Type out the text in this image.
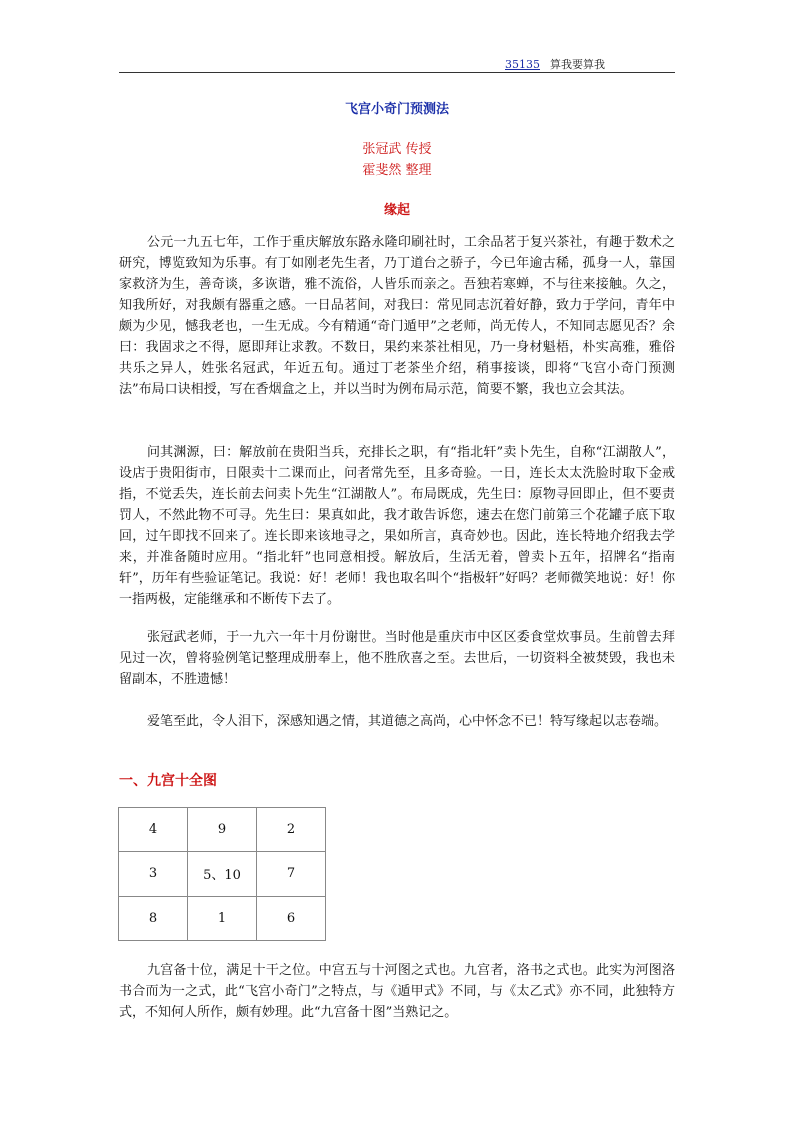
35135 算我要算我
飞宫小奇门预测法
张冠武 传授
霍斐然 整理
缘起

公元一九五七年，工作于重庆解放东路永隆印刷社时，工余品茗于复兴茶社，有趣于数术之研究，博览致知为乐事。有丁如刚老先生者，乃丁道台之骄子，今已年逾古稀，孤身一人，靠国家救济为生，善奇谈，多诙谐，雅不流俗，人皆乐而亲之。吾独若寒蝉，不与往来接触。久之，知我所好，对我颇有器重之感。一日品茗间，对我曰：常见同志沉着好静，致力于学问，青年中颇为少见，憾我老也，一生无成。今有精通“奇门遁甲”之老师，尚无传人，不知同志愿见否？余曰：我固求之不得，愿即拜让求教。不数日，果约来茶社相见，乃一身材魁梧，朴实高雅，雅俗共乐之异人，姓张名冠武，年近五旬。通过丁老茶坐介绍，稍事接谈，即将“飞宫小奇门预测法”布局口诀相授，写在香烟盒之上，并以当时为例布局示范，简要不繁，我也立会其法。

问其渊源，曰：解放前在贵阳当兵，充排长之职，有“指北轩”卖卜先生，自称“江湖散人”，设店于贵阳街市，日限卖十二课而止，问者常先至，且多奇验。一日，连长太太洗脸时取下金戒指，不觉丢失，连长前去问卖卜先生“江湖散人”。布局既成，先生曰：原物寻回即止，但不要责罚人，不然此物不可寻。先生曰：果真如此，我才敢告诉您，速去在您门前第三个花罐子底下取回，过午即找不回来了。连长即来该地寻之，果如所言，真奇妙也。因此，连长特地介绍我去学来，并准备随时应用。“指北轩”也同意相授。解放后，生活无着，曾卖卜五年，招牌名“指南轩”，历年有些验证笔记。我说：好！老师！我也取名叫个“指极轩”好吗？老师微笑地说：好！你一指两极，定能继承和不断传下去了。

张冠武老师，于一九六一年十月份谢世。当时他是重庆市中区区委食堂炊事员。生前曾去拜见过一次，曾将验例笔记整理成册奉上，他不胜欣喜之至。去世后，一切资料全被焚毁，我也未留副本，不胜遗憾！

爱笔至此，令人泪下，深感知遇之情，其道德之高尚，心中怀念不已！特写缘起以志卷端。

一、九宫十全图
4	9	2
3	5、10	7
8	1	6

九宫备十位，满足十干之位。中宫五与十河图之式也。九宫者，洛书之式也。此实为河图洛书合而为一之式，此“飞宫小奇门”之特点，与《遁甲式》不同，与《太乙式》亦不同，此独特方式，不知何人所作，颇有妙理。此“九宫备十图”当熟记之。
